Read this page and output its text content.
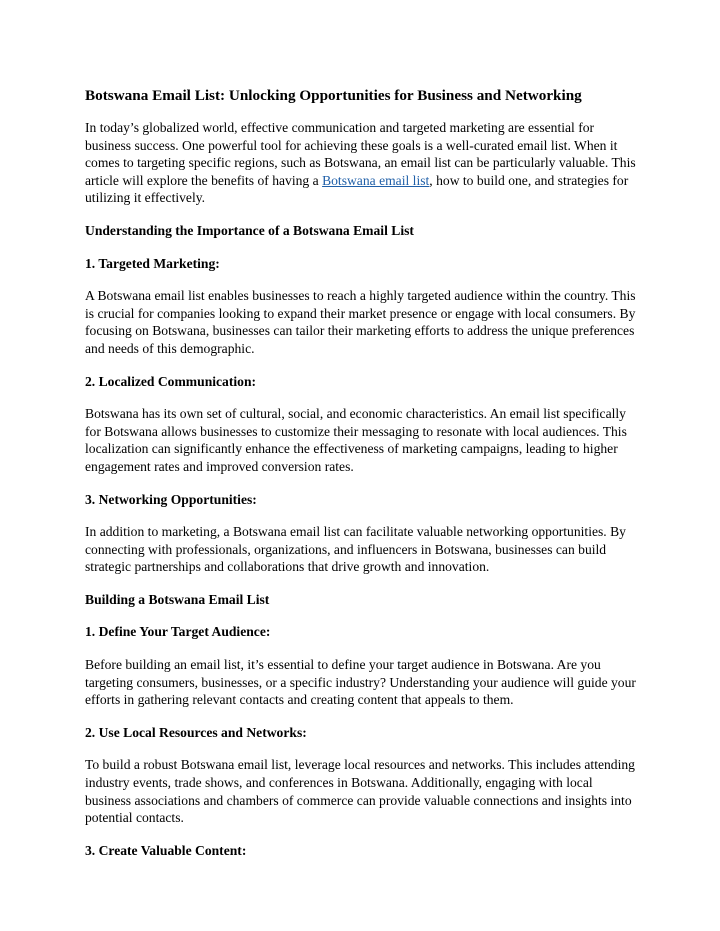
Botswana Email List: Unlocking Opportunities for Business and Networking

In today’s globalized world, effective communication and targeted marketing are essential for business success. One powerful tool for achieving these goals is a well-curated email list. When it comes to targeting specific regions, such as Botswana, an email list can be particularly valuable. This article will explore the benefits of having a Botswana email list, how to build one, and strategies for utilizing it effectively.

Understanding the Importance of a Botswana Email List
1. Targeted Marketing:

A Botswana email list enables businesses to reach a highly targeted audience within the country. This is crucial for companies looking to expand their market presence or engage with local consumers. By focusing on Botswana, businesses can tailor their marketing efforts to address the unique preferences and needs of this demographic.

2. Localized Communication:

Botswana has its own set of cultural, social, and economic characteristics. An email list specifically for Botswana allows businesses to customize their messaging to resonate with local audiences. This localization can significantly enhance the effectiveness of marketing campaigns, leading to higher engagement rates and improved conversion rates.

3. Networking Opportunities:

In addition to marketing, a Botswana email list can facilitate valuable networking opportunities. By connecting with professionals, organizations, and influencers in Botswana, businesses can build strategic partnerships and collaborations that drive growth and innovation.

Building a Botswana Email List
1. Define Your Target Audience:

Before building an email list, it’s essential to define your target audience in Botswana. Are you targeting consumers, businesses, or a specific industry? Understanding your audience will guide your efforts in gathering relevant contacts and creating content that appeals to them.

2. Use Local Resources and Networks:

To build a robust Botswana email list, leverage local resources and networks. This includes attending industry events, trade shows, and conferences in Botswana. Additionally, engaging with local business associations and chambers of commerce can provide valuable connections and insights into potential contacts.

3. Create Valuable Content:
